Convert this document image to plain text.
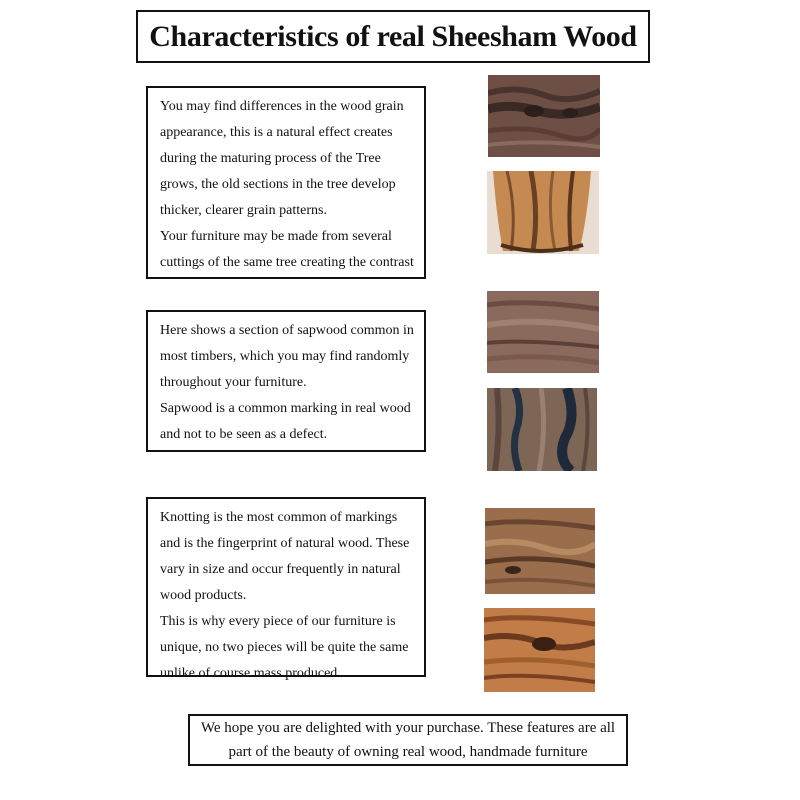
Characteristics of real Sheesham Wood

You may find differences in the wood grain appearance, this is a natural effect creates during the maturing process of the Tree grows, the old sections in the tree develop thicker, clearer grain patterns.

Your furniture may be made from several cuttings of the same tree creating the contrast

Here shows a section of sapwood common in most timbers, which you may find randomly throughout your furniture.

Sapwood is a common marking in real wood and not to be seen as a defect.

Knotting is the most common of markings and is the fingerprint of natural wood. These vary in size and occur frequently in natural wood products.

This is why every piece of our furniture is unique, no two pieces will be quite the same unlike of course mass produced

We hope you are delighted with your purchase. These features are all

part of the beauty of owning real wood, handmade furniture
